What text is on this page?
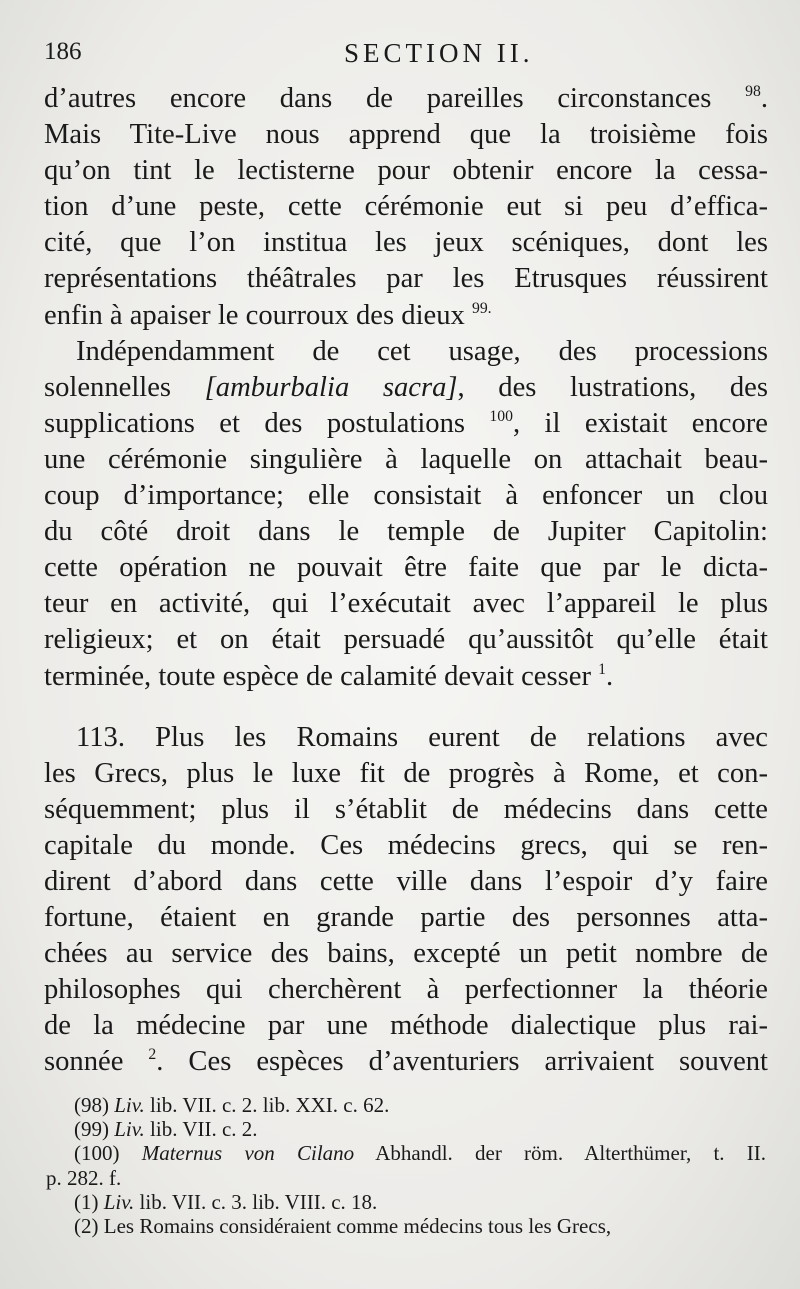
186	SECTION II.
d’autres encore dans de pareilles circonstances $^{98}$.
Mais Tite-Live nous apprend que la troisième fois
qu’on tint le lectisterne pour obtenir encore la cessa-
tion d’une peste, cette cérémonie eut si peu d’effica-
cité, que l’on institua les jeux scéniques, dont les
représentations théâtrales par les Etrusques réussirent
enfin à apaiser le courroux des dieux $^{99.}$
Indépendamment de cet usage, des processions
solennelles [amburbalia sacra], des lustrations, des
supplications et des postulations $^{100}$, il existait encore
une cérémonie singulière à laquelle on attachait beau-
coup d’importance; elle consistait à enfoncer un clou
du côté droit dans le temple de Jupiter Capitolin:
cette opération ne pouvait être faite que par le dicta-
teur en activité, qui l’exécutait avec l’appareil le plus
religieux; et on était persuadé qu’aussitôt qu’elle était
terminée, toute espèce de calamité devait cesser $^1$.
113. Plus les Romains eurent de relations avec
les Grecs, plus le luxe fit de progrès à Rome, et con-
séquemment; plus il s’établit de médecins dans cette
capitale du monde. Ces médecins grecs, qui se ren-
dirent d’abord dans cette ville dans l’espoir d’y faire
fortune, étaient en grande partie des personnes atta-
chées au service des bains, excepté un petit nombre de
philosophes qui cherchèrent à perfectionner la théorie
de la médecine par une méthode dialectique plus rai-
sonnée $^2$. Ces espèces d’aventuriers arrivaient souvent
(98) Liv. lib. VII. c. 2. lib. XXI. c. 62.
(99) Liv. lib. VII. c. 2.
(100) Maternus von Cilano Abhandl. der röm. Alterthümer, t. II.
p. 282. f.
(1) Liv. lib. VII. c. 3. lib. VIII. c. 18.
(2) Les Romains considéraient comme médecins tous les Grecs,
